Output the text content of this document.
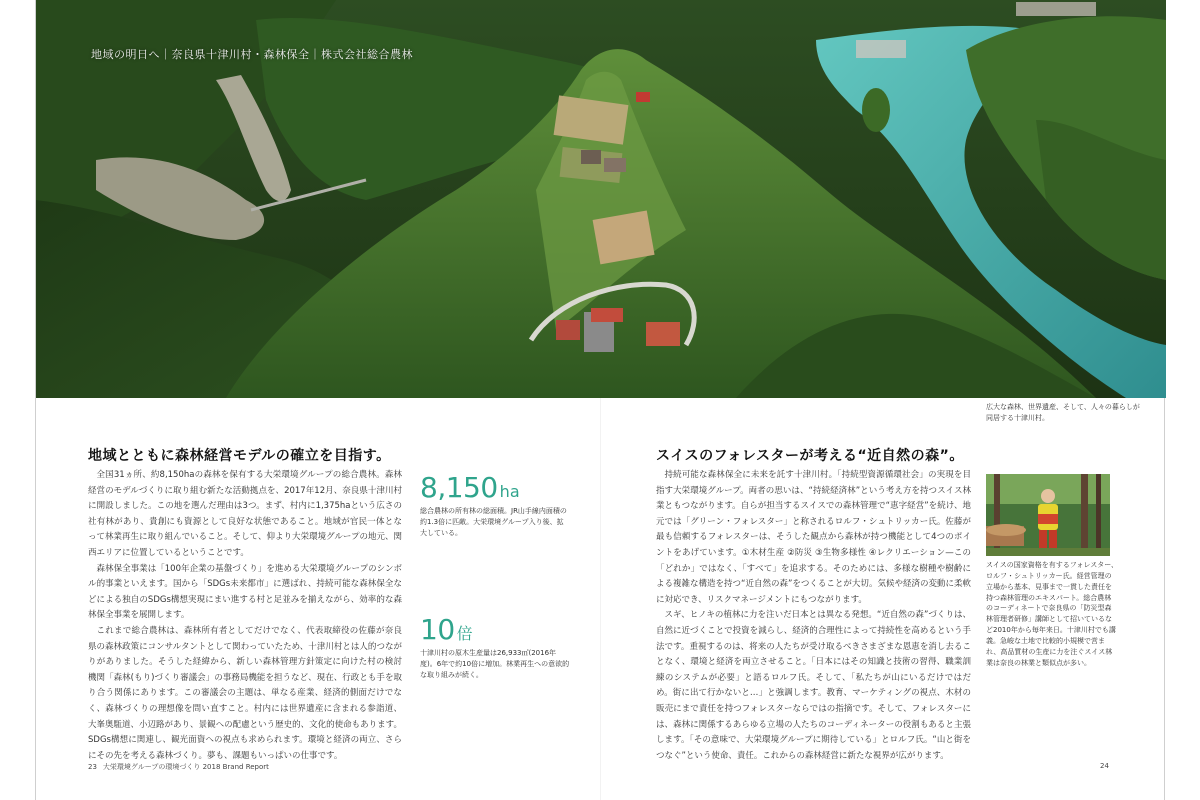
地域の明日へ｜奈良県十津川村・森林保全｜株式会社総合農林
広大な森林、世界遺産、そして、人々の暮らしが同居する十津川村。
地域とともに森林経営モデルの確立を目指す。

全国31ヵ所、約8,150haの森林を保有する大栄環境グループの総合農林。森林経営のモデルづくりに取り組む新たな活動拠点を、2017年12月、奈良県十津川村に開設しました。この地を選んだ理由は3つ。まず、村内に1,375haという広さの社有林があり、貴創にも資源として良好な状態であること。地域が官民一体となって林業再生に取り組んでいること。そして、仰より大栄環境グループの地元、関西エリアに位置しているということです。

森林保全事業は「100年企業の基盤づくり」を進める大栄環境グループのシンボル的事業といえます。国から「SDGs未来都市」に選ばれ、持続可能な森林保全などによる独自のSDGs構想実現にまい進する村と足並みを揃えながら、効率的な森林保全事業を展開します。

これまで総合農林は、森林所有者としてだけでなく、代表取締役の佐藤が奈良県の森林政策にコンサルタントとして関わっていたため、十津川村とは人的つながりがありました。そうした経緯から、新しい森林管理方針策定に向けた村の検討機関「森林(もり)づくり審議会」の事務局機能を担うなど、現在、行政とも手を取り合う関係にあります。この審議会の主題は、単なる産業、経済的側面だけでなく、森林づくりの理想像を問い直すこと。村内には世界遺産に含まれる参詣道、大峯奥駈道、小辺路があり、景観への配慮という歴史的、文化的使命もあります。SDGs構想に関連し、観光面資への視点も求められます。環境と経済の両立、さらにその先を考える森林づくり。夢も、課題もいっぱいの仕事です。

8,150 ha
総合農林の所有林の総面積。JR山手線内面積の約1.3倍に匹敵。大栄環境グループ入り後、拡大している。
10 倍
十津川村の原木生産量は26,933㎥(2016年度)。6年で約10倍に増加。林業再生への意欲的な取り組みが続く。
スイスのフォレスターが考える“近自然の森”。

持続可能な森林保全に未来を託す十津川村。「持続型資源循環社会」の実現を目指す大栄環境グループ。両者の思いは、“持続経済林”という考え方を持つスイス林業ともつながります。自らが担当するスイスでの森林管理で“恵字経営”を続け、地元では「グリーン・フォレスター」と称されるロルフ・シュトリッカー氏。佐藤が最も信頼するフォレスターは、そうした観点から森林が持つ機能として4つのポイントをあげています。①木材生産 ②防災 ③生物多様性 ④レクリエーション—この「どれか」ではなく、「すべて」を追求する。そのためには、多様な樹種や樹齢による複雑な構造を持つ“近自然の森”をつくることが大切。気候や経済の変動に柔軟に対応でき、リスクマネージメントにもつながります。

スギ、ヒノキの植林に力を注いだ日本とは異なる発想。“近自然の森”づくりは、自然に近づくことで投資を減らし、経済的合理性によって持続性を高めるという手法です。重視するのは、将来の人たちが受け取るべきさまざまな恩恵を消し去ることなく、環境と経済を両立させること。「日本にはその知識と技術の習得、職業訓練のシステムが必要」と語るロルフ氏。そして、「私たちが山にいるだけではだめ。街に出て行かないと…」と強調します。教育、マーケティングの視点、木材の販売にまで責任を持つフォレスターならではの指摘です。そして、フォレスターには、森林に関係するあらゆる立場の人たちのコーディネーターの役割もあると主張します。「その意味で、大栄環境グループに期待している」とロルフ氏。“山と街をつなぐ”という使命、責任。これからの森林経営に新たな視界が広がります。

スイスの国家資格を有するフォレスター、ロルフ・シュトリッカー氏。経営管理の立場から基本、見事まで一貫した責任を持つ森林管理のエキスパート。総合農林のコーディネートで奈良県の「防災型森林管理者研修」講師として招いているなど2010年から毎年来日。十津川村でも講義。急峻な土地で比較的小規模で営まれ、高品質材の生産に力を注ぐスイス林業は奈良の林業と類似点が多い。
23 大栄環境グループの環境づくり 2018 Brand Report	24
